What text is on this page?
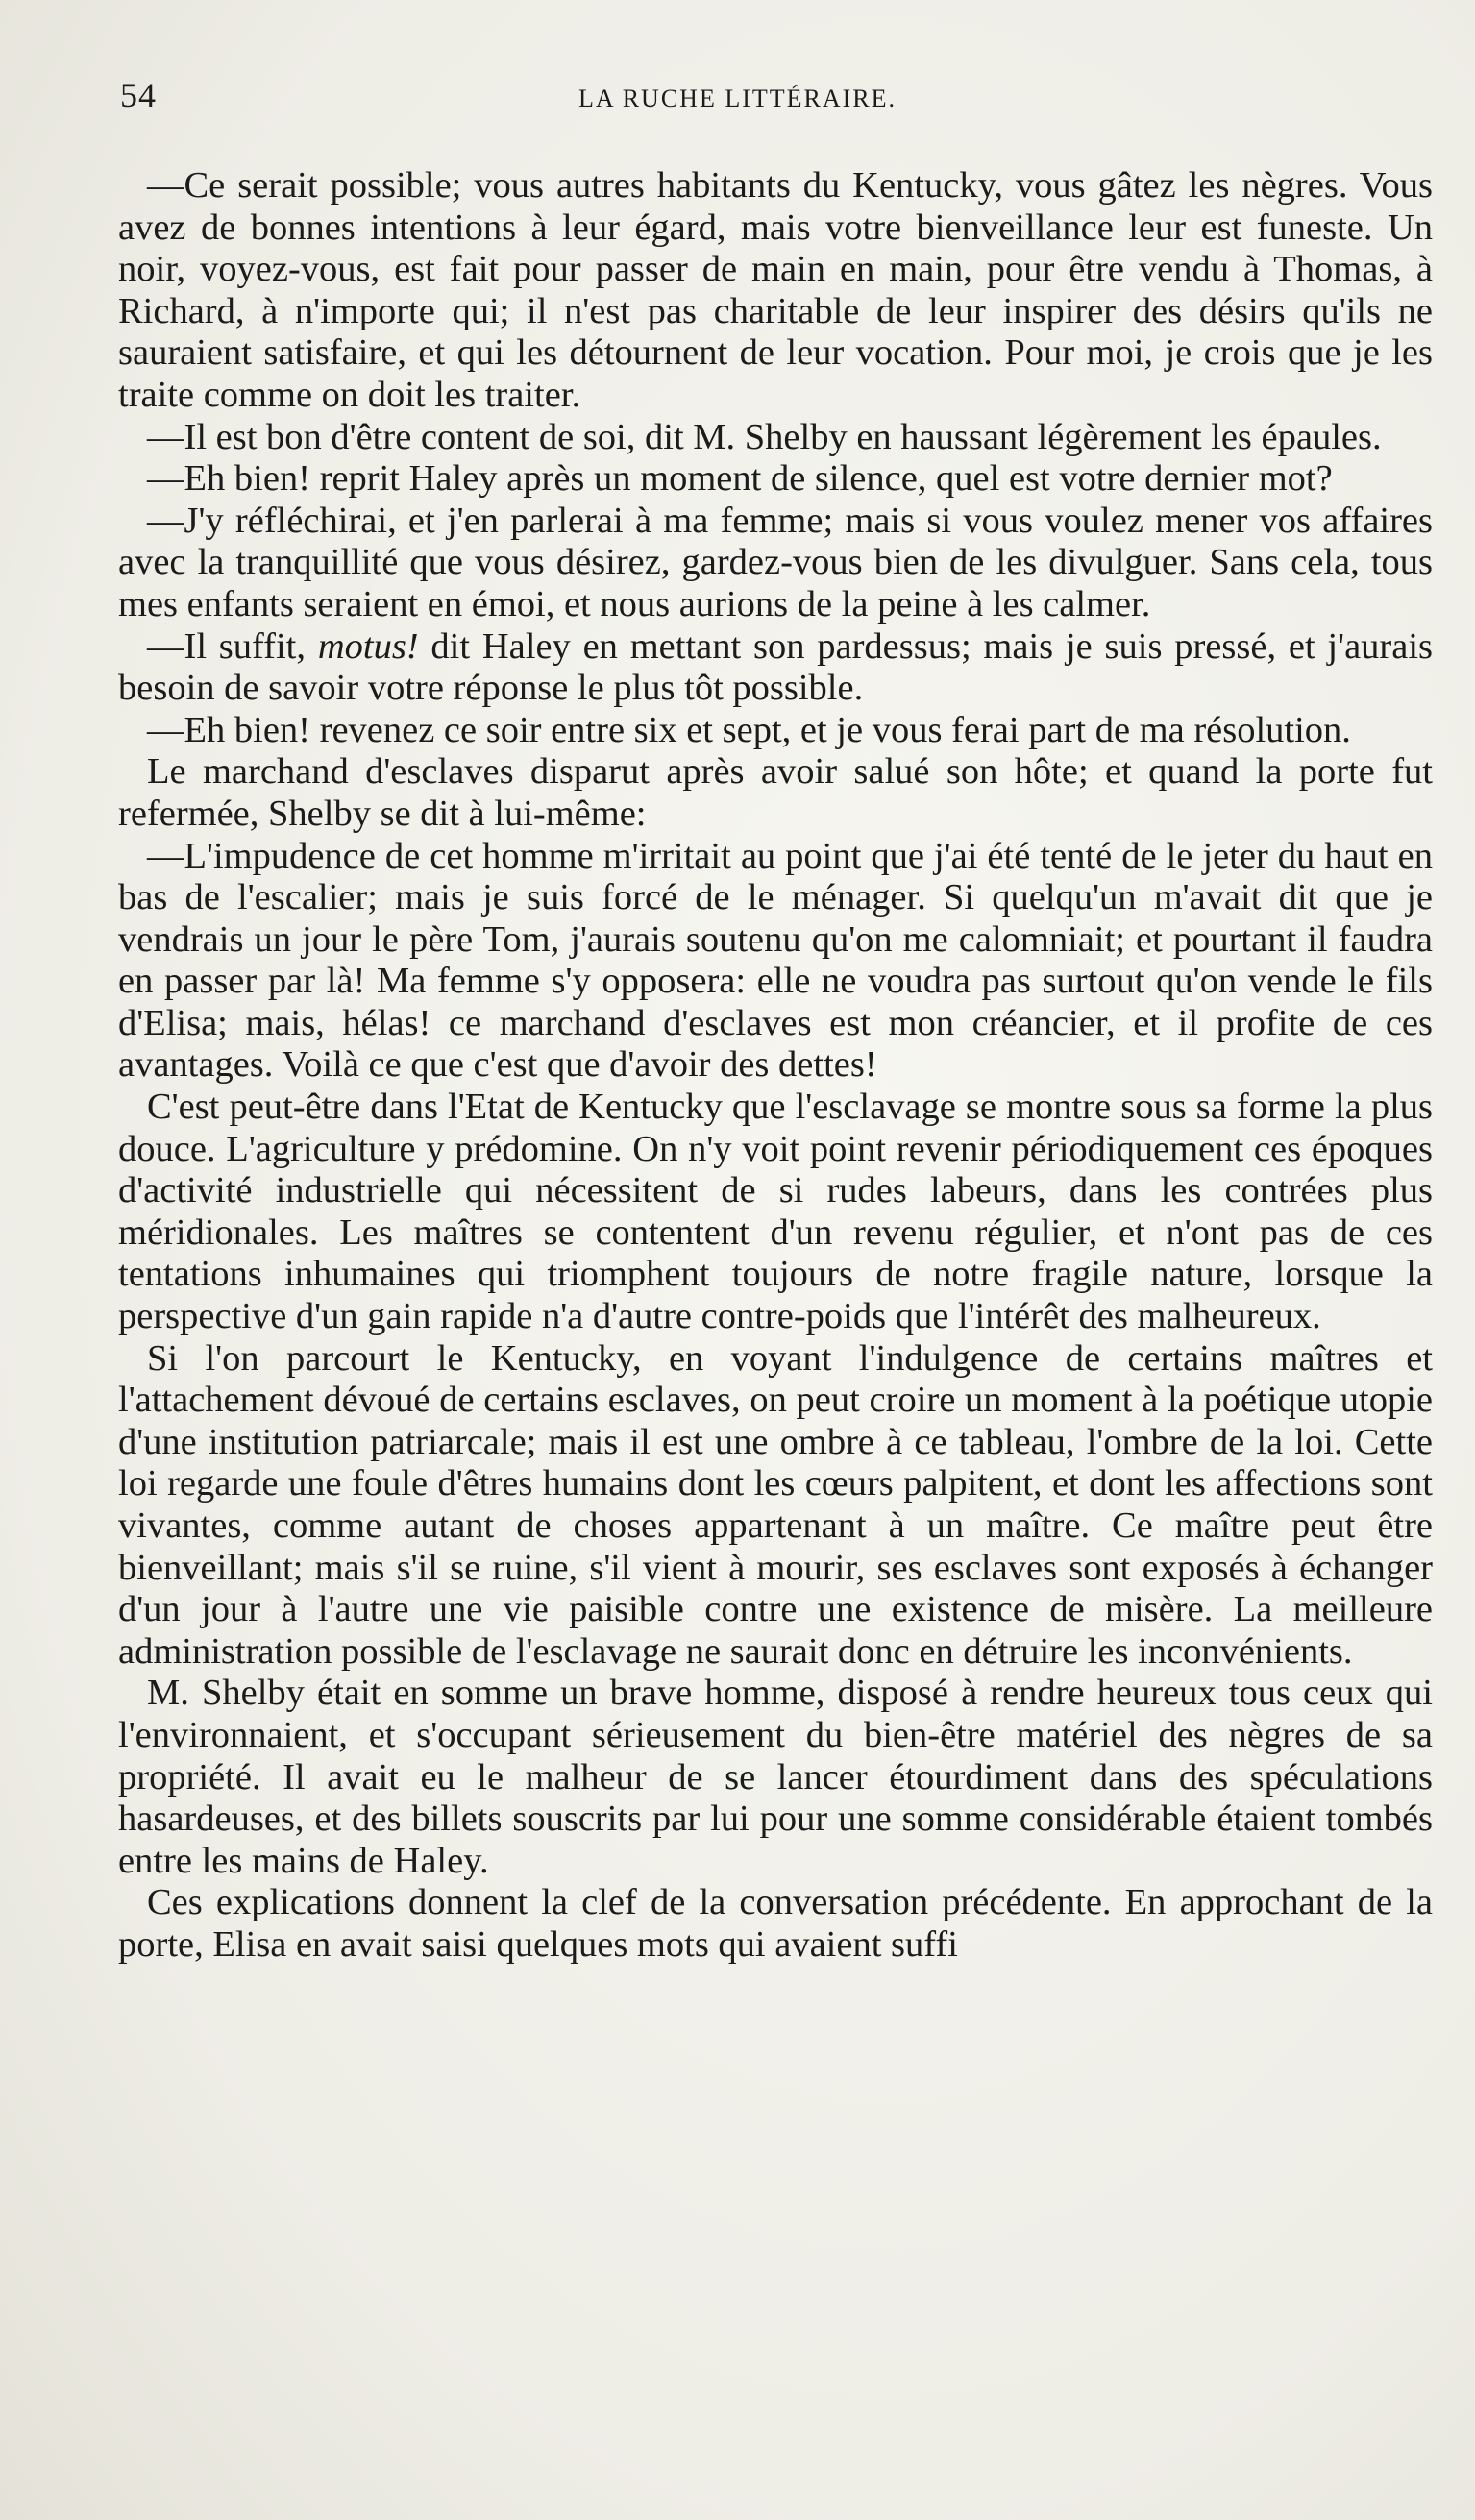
54	LA RUCHE LITTÉRAIRE.

—Ce serait possible; vous autres habitants du Kentucky, vous gâtez les nègres. Vous avez de bonnes intentions à leur égard, mais votre bienveillance leur est funeste. Un noir, voyez-vous, est fait pour passer de main en main, pour être vendu à Thomas, à Richard, à n'importe qui; il n'est pas charitable de leur inspirer des désirs qu'ils ne sauraient satisfaire, et qui les détournent de leur vocation. Pour moi, je crois que je les traite comme on doit les traiter.

—Il est bon d'être content de soi, dit M. Shelby en haussant légèrement les épaules.

—Eh bien! reprit Haley après un moment de silence, quel est votre dernier mot?

—J'y réfléchirai, et j'en parlerai à ma femme; mais si vous voulez mener vos affaires avec la tranquillité que vous désirez, gardez-vous bien de les divulguer. Sans cela, tous mes enfants seraient en émoi, et nous aurions de la peine à les calmer.

—Il suffit, motus! dit Haley en mettant son pardessus; mais je suis pressé, et j'aurais besoin de savoir votre réponse le plus tôt possible.

—Eh bien! revenez ce soir entre six et sept, et je vous ferai part de ma résolution.

Le marchand d'esclaves disparut après avoir salué son hôte; et quand la porte fut refermée, Shelby se dit à lui-même:

—L'impudence de cet homme m'irritait au point que j'ai été tenté de le jeter du haut en bas de l'escalier; mais je suis forcé de le ménager. Si quelqu'un m'avait dit que je vendrais un jour le père Tom, j'aurais soutenu qu'on me calomniait; et pourtant il faudra en passer par là! Ma femme s'y opposera: elle ne voudra pas surtout qu'on vende le fils d'Elisa; mais, hélas! ce marchand d'esclaves est mon créancier, et il profite de ces avantages. Voilà ce que c'est que d'avoir des dettes!

C'est peut-être dans l'Etat de Kentucky que l'esclavage se montre sous sa forme la plus douce. L'agriculture y prédomine. On n'y voit point revenir périodiquement ces époques d'activité industrielle qui nécessitent de si rudes labeurs, dans les contrées plus méridionales. Les maîtres se contentent d'un revenu régulier, et n'ont pas de ces tentations inhumaines qui triomphent toujours de notre fragile nature, lorsque la perspective d'un gain rapide n'a d'autre contre-poids que l'intérêt des malheureux.

Si l'on parcourt le Kentucky, en voyant l'indulgence de certains maîtres et l'attachement dévoué de certains esclaves, on peut croire un moment à la poétique utopie d'une institution patriarcale; mais il est une ombre à ce tableau, l'ombre de la loi. Cette loi regarde une foule d'êtres humains dont les cœurs palpitent, et dont les affections sont vivantes, comme autant de choses appartenant à un maître. Ce maître peut être bienveillant; mais s'il se ruine, s'il vient à mourir, ses esclaves sont exposés à échanger d'un jour à l'autre une vie paisible contre une existence de misère. La meilleure administration possible de l'esclavage ne saurait donc en détruire les inconvénients.

M. Shelby était en somme un brave homme, disposé à rendre heureux tous ceux qui l'environnaient, et s'occupant sérieusement du bien-être matériel des nègres de sa propriété. Il avait eu le malheur de se lancer étourdiment dans des spéculations hasardeuses, et des billets souscrits par lui pour une somme considérable étaient tombés entre les mains de Haley.

Ces explications donnent la clef de la conversation précédente. En approchant de la porte, Elisa en avait saisi quelques mots qui avaient suffi
